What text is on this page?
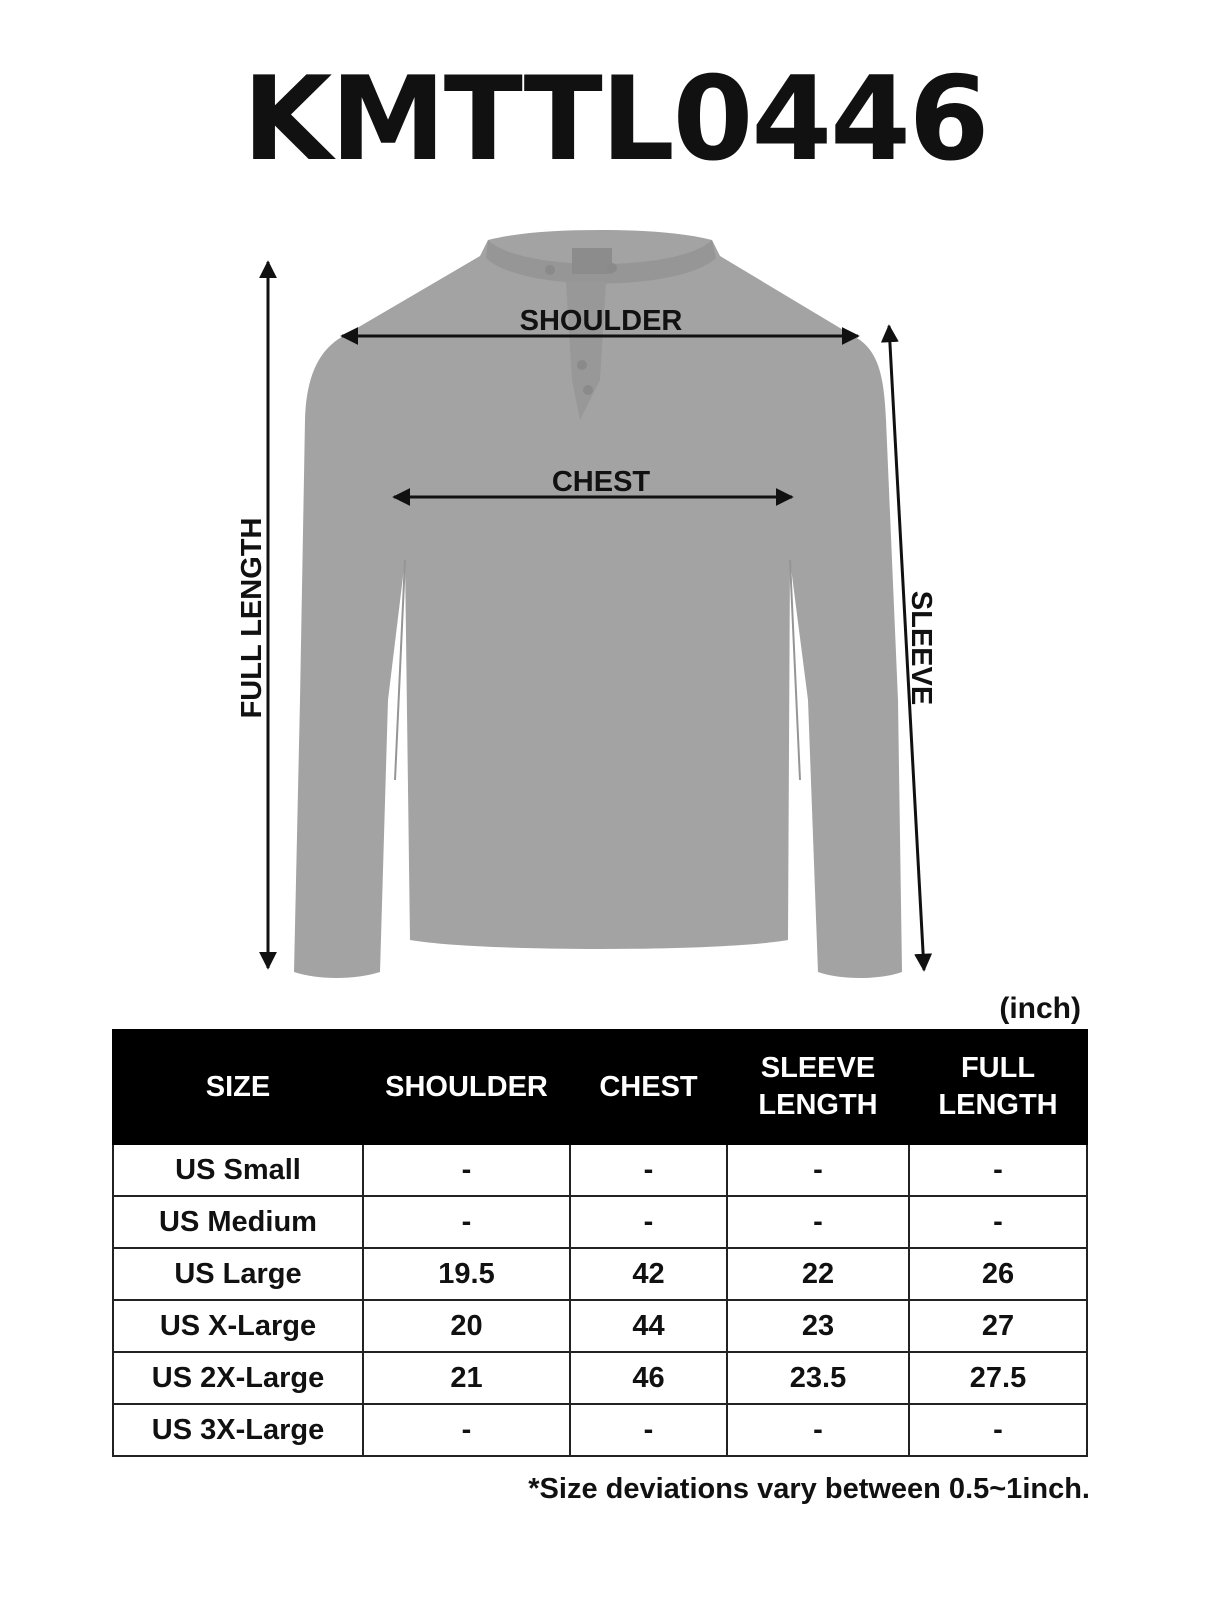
KMTTL0446
SHOULDER
CHEST
FULL LENGTH	SLEEVE
(inch)
SIZE	SHOULDER	CHEST	SLEEVE LENGTH	FULL LENGTH
US Small	-	-	-	-
US Medium	-	-	-	-
US Large	19.5	42	22	26
US X-Large	20	44	23	27
US 2X-Large	21	46	23.5	27.5
US 3X-Large	-	-	-	-
*Size deviations vary between 0.5~1inch.
